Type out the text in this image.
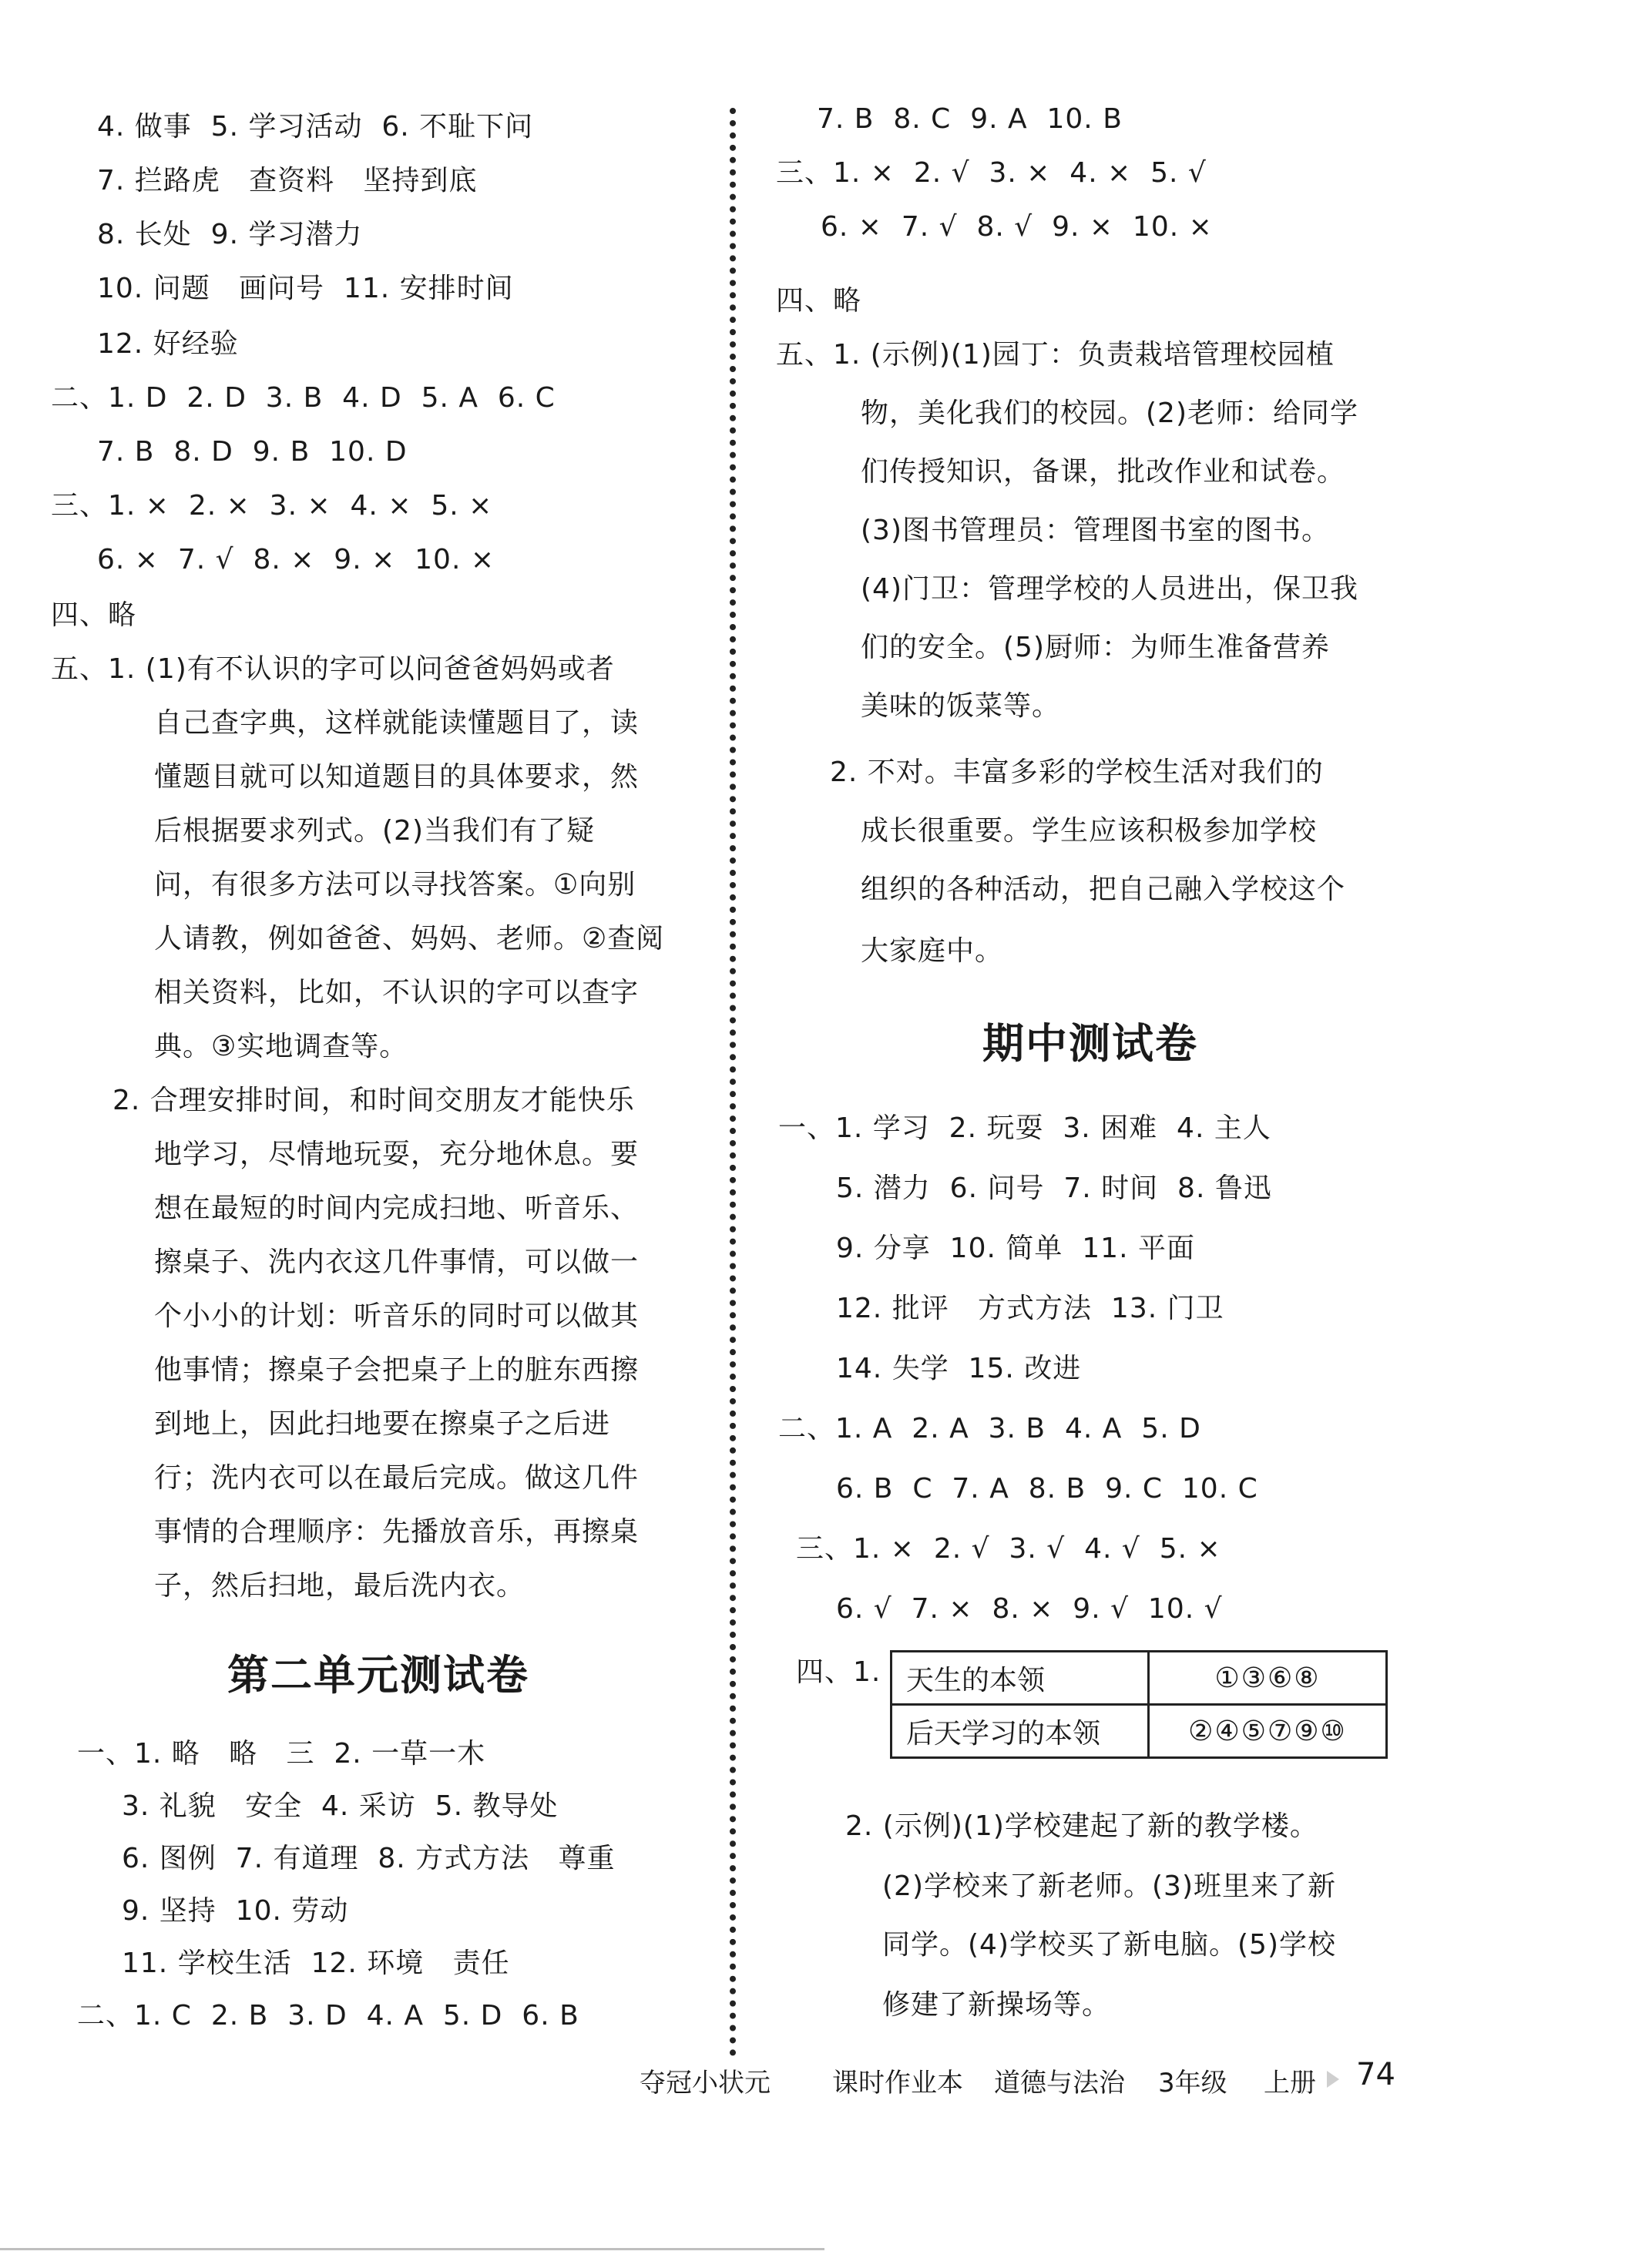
4. 做事  5. 学习活动  6. 不耻下问
7. 拦路虎   查资料   坚持到底
8. 长处  9. 学习潜力
10. 问题   画问号  11. 安排时间
12. 好经验
二、1. D  2. D  3. B  4. D  5. A  6. C
7. B  8. D  9. B  10. D
三、1. ×  2. ×  3. ×  4. ×  5. ×
6. ×  7. √  8. ×  9. ×  10. ×
四、略
五、1. (1)有不认识的字可以问爸爸妈妈或者
自己查字典，这样就能读懂题目了，读
懂题目就可以知道题目的具体要求，然
后根据要求列式。(2)当我们有了疑
问，有很多方法可以寻找答案。①向别
人请教，例如爸爸、妈妈、老师。②查阅
相关资料，比如，不认识的字可以查字
典。③实地调查等。
2. 合理安排时间，和时间交朋友才能快乐
地学习，尽情地玩耍，充分地休息。要
想在最短的时间内完成扫地、听音乐、
擦桌子、洗内衣这几件事情，可以做一
个小小的计划：听音乐的同时可以做其
他事情；擦桌子会把桌子上的脏东西擦
到地上，因此扫地要在擦桌子之后进
行；洗内衣可以在最后完成。做这几件
事情的合理顺序：先播放音乐，再擦桌
子，然后扫地，最后洗内衣。
第二单元测试卷
一、1. 略   略   三  2. 一草一木
3. 礼貌   安全  4. 采访  5. 教导处
6. 图例  7. 有道理  8. 方式方法   尊重
9. 坚持  10. 劳动
11. 学校生活  12. 环境   责任
二、1. C  2. B  3. D  4. A  5. D  6. B
7. B  8. C  9. A  10. B
三、1. ×  2. √  3. ×  4. ×  5. √
6. ×  7. √  8. √  9. ×  10. ×
四、略
五、1. (示例)(1)园丁：负责栽培管理校园植
物，美化我们的校园。(2)老师：给同学
们传授知识，备课，批改作业和试卷。
(3)图书管理员：管理图书室的图书。
(4)门卫：管理学校的人员进出，保卫我
们的安全。(5)厨师：为师生准备营养
美味的饭菜等。
2. 不对。丰富多彩的学校生活对我们的
成长很重要。学生应该积极参加学校
组织的各种活动，把自己融入学校这个
大家庭中。
期中测试卷
一、1. 学习  2. 玩耍  3. 困难  4. 主人
5. 潜力  6. 问号  7. 时间  8. 鲁迅
9. 分享  10. 简单  11. 平面
12. 批评   方式方法  13. 门卫
14. 失学  15. 改进
二、1. A  2. A  3. B  4. A  5. D
6. B  C  7. A  8. B  9. C  10. C
三、1. ×  2. √  3. √  4. √  5. ×
6. √  7. ×  8. ×  9. √  10. √
四、1.
2. (示例)(1)学校建起了新的教学楼。
(2)学校来了新老师。(3)班里来了新
同学。(4)学校买了新电脑。(5)学校
修建了新操场等。
天生的本领	①③⑥⑧
后天学习的本领	②④⑤⑦⑨⑩
夺冠小状元 课时作业本 道德与法治 3年级 上册 74
